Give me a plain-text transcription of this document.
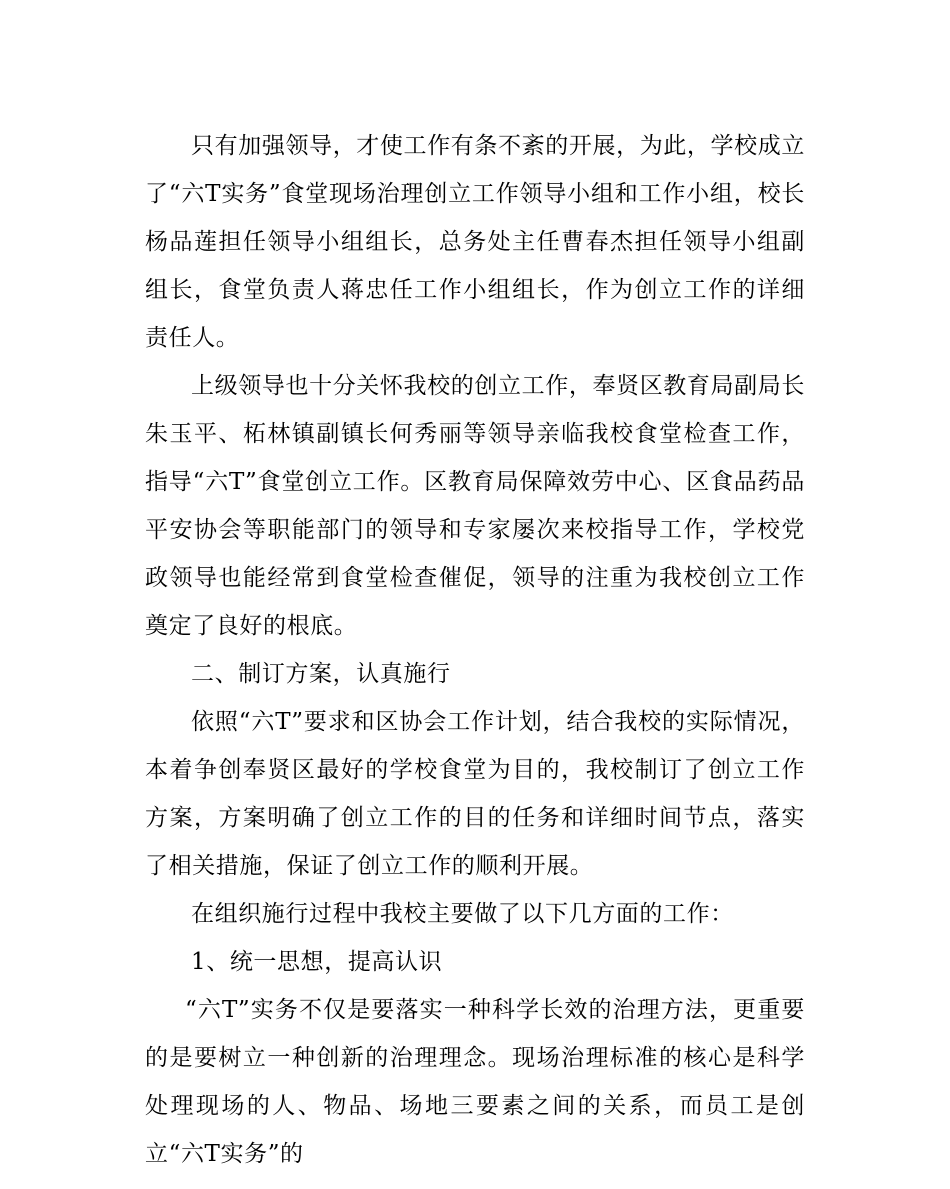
只有加强领导，才使工作有条不紊的开展，为此，学校成立了“六T实务”食堂现场治理创立工作领导小组和工作小组，校长杨品莲担任领导小组组长，总务处主任曹春杰担任领导小组副组长，食堂负责人蒋忠任工作小组组长，作为创立工作的详细责任人。

上级领导也十分关怀我校的创立工作，奉贤区教育局副局长朱玉平、柘林镇副镇长何秀丽等领导亲临我校食堂检查工作，指导“六T”食堂创立工作。区教育局保障效劳中心、区食品药品平安协会等职能部门的领导和专家屡次来校指导工作，学校党政领导也能经常到食堂检查催促，领导的注重为我校创立工作奠定了良好的根底。

二、制订方案，认真施行

依照“六T”要求和区协会工作计划，结合我校的实际情况，本着争创奉贤区最好的学校食堂为目的，我校制订了创立工作方案，方案明确了创立工作的目的任务和详细时间节点，落实了相关措施，保证了创立工作的顺利开展。

在组织施行过程中我校主要做了以下几方面的工作：

1、统一思想，提高认识

“六T”实务不仅是要落实一种科学长效的治理方法，更重要的是要树立一种创新的治理理念。现场治理标准的核心是科学处理现场的人、物品、场地三要素之间的关系，而员工是创立“六T实务”的
